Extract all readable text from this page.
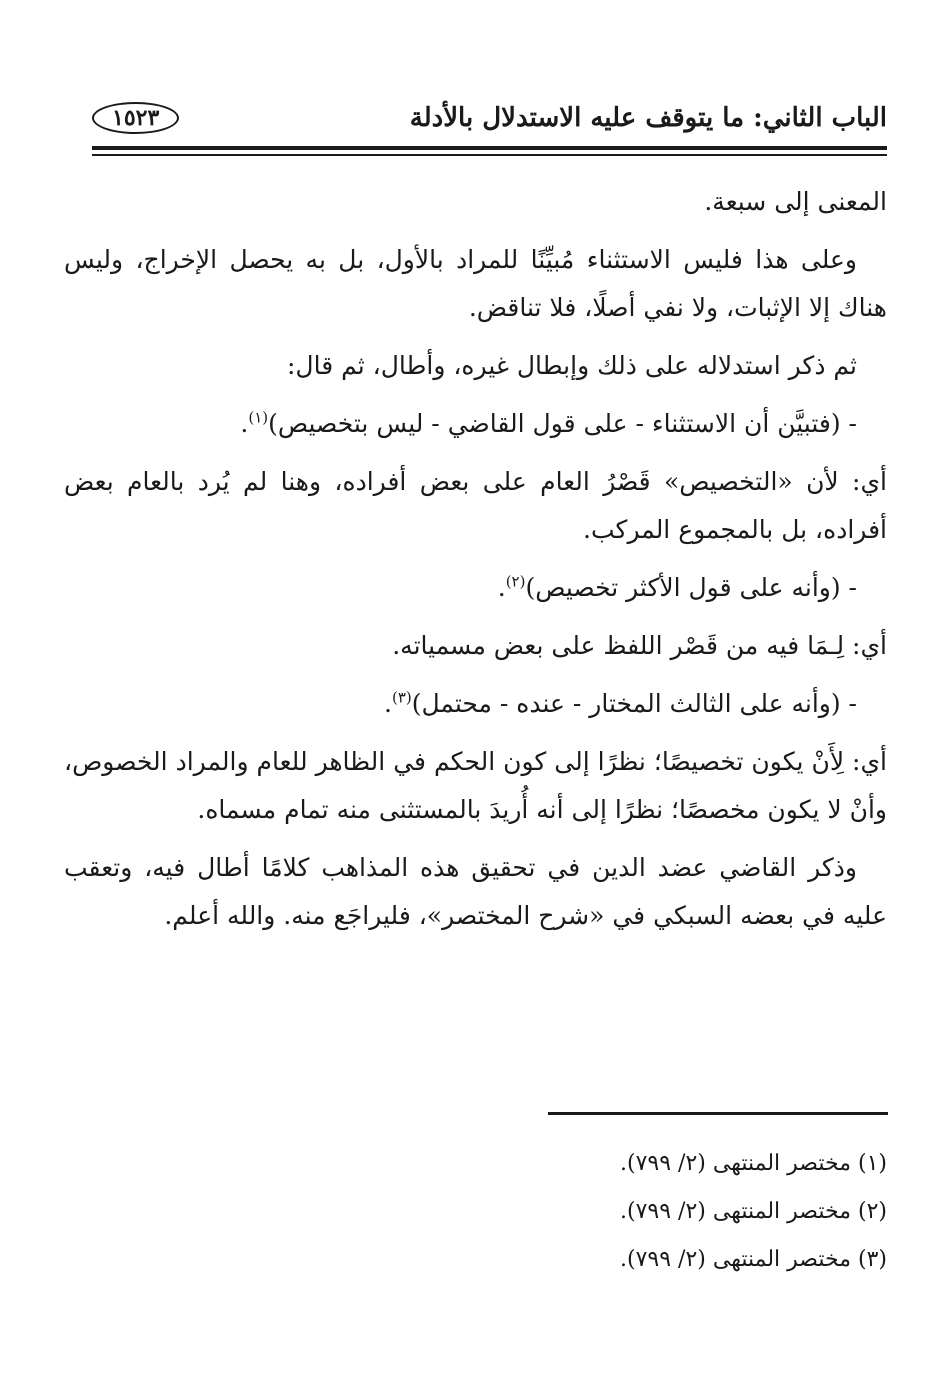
الباب الثاني: ما يتوقف عليه الاستدلال بالأدلة
١٥٢٣

المعنى إلى سبعة.

وعلى هذا فليس الاستثناء مُبيِّنًا للمراد بالأول، بل به يحصل الإخراج، وليس هناك إلا الإثبات، ولا نفي أصلًا، فلا تناقض.

ثم ذكر استدلاله على ذلك وإبطال غيره، وأطال، ثم قال:

- (فتبيَّن أن الاستثناء - على قول القاضي - ليس بتخصيص)$^{(١)}$.

أي: لأن «التخصيص» قَصْرُ العام على بعض أفراده، وهنا لم يُرد بالعام بعض أفراده، بل بالمجموع المركب.

- (وأنه على قول الأكثر تخصيص)$^{(٢)}$.

أي: لِـمَا فيه من قَصْر اللفظ على بعض مسمياته.

- (وأنه على الثالث المختار - عنده - محتمل)$^{(٣)}$.

أي: لِأَنْ يكون تخصيصًا؛ نظرًا إلى كون الحكم في الظاهر للعام والمراد الخصوص، وأنْ لا يكون مخصصًا؛ نظرًا إلى أنه أُريدَ بالمستثنى منه تمام مسماه.

وذكر القاضي عضد الدين في تحقيق هذه المذاهب كلامًا أطال فيه، وتعقب عليه في بعضه السبكي في «شرح المختصر»، فليراجَع منه. والله أعلم.

(١) مختصر المنتهى (٢/ ٧٩٩).

(٢) مختصر المنتهى (٢/ ٧٩٩).

(٣) مختصر المنتهى (٢/ ٧٩٩).
